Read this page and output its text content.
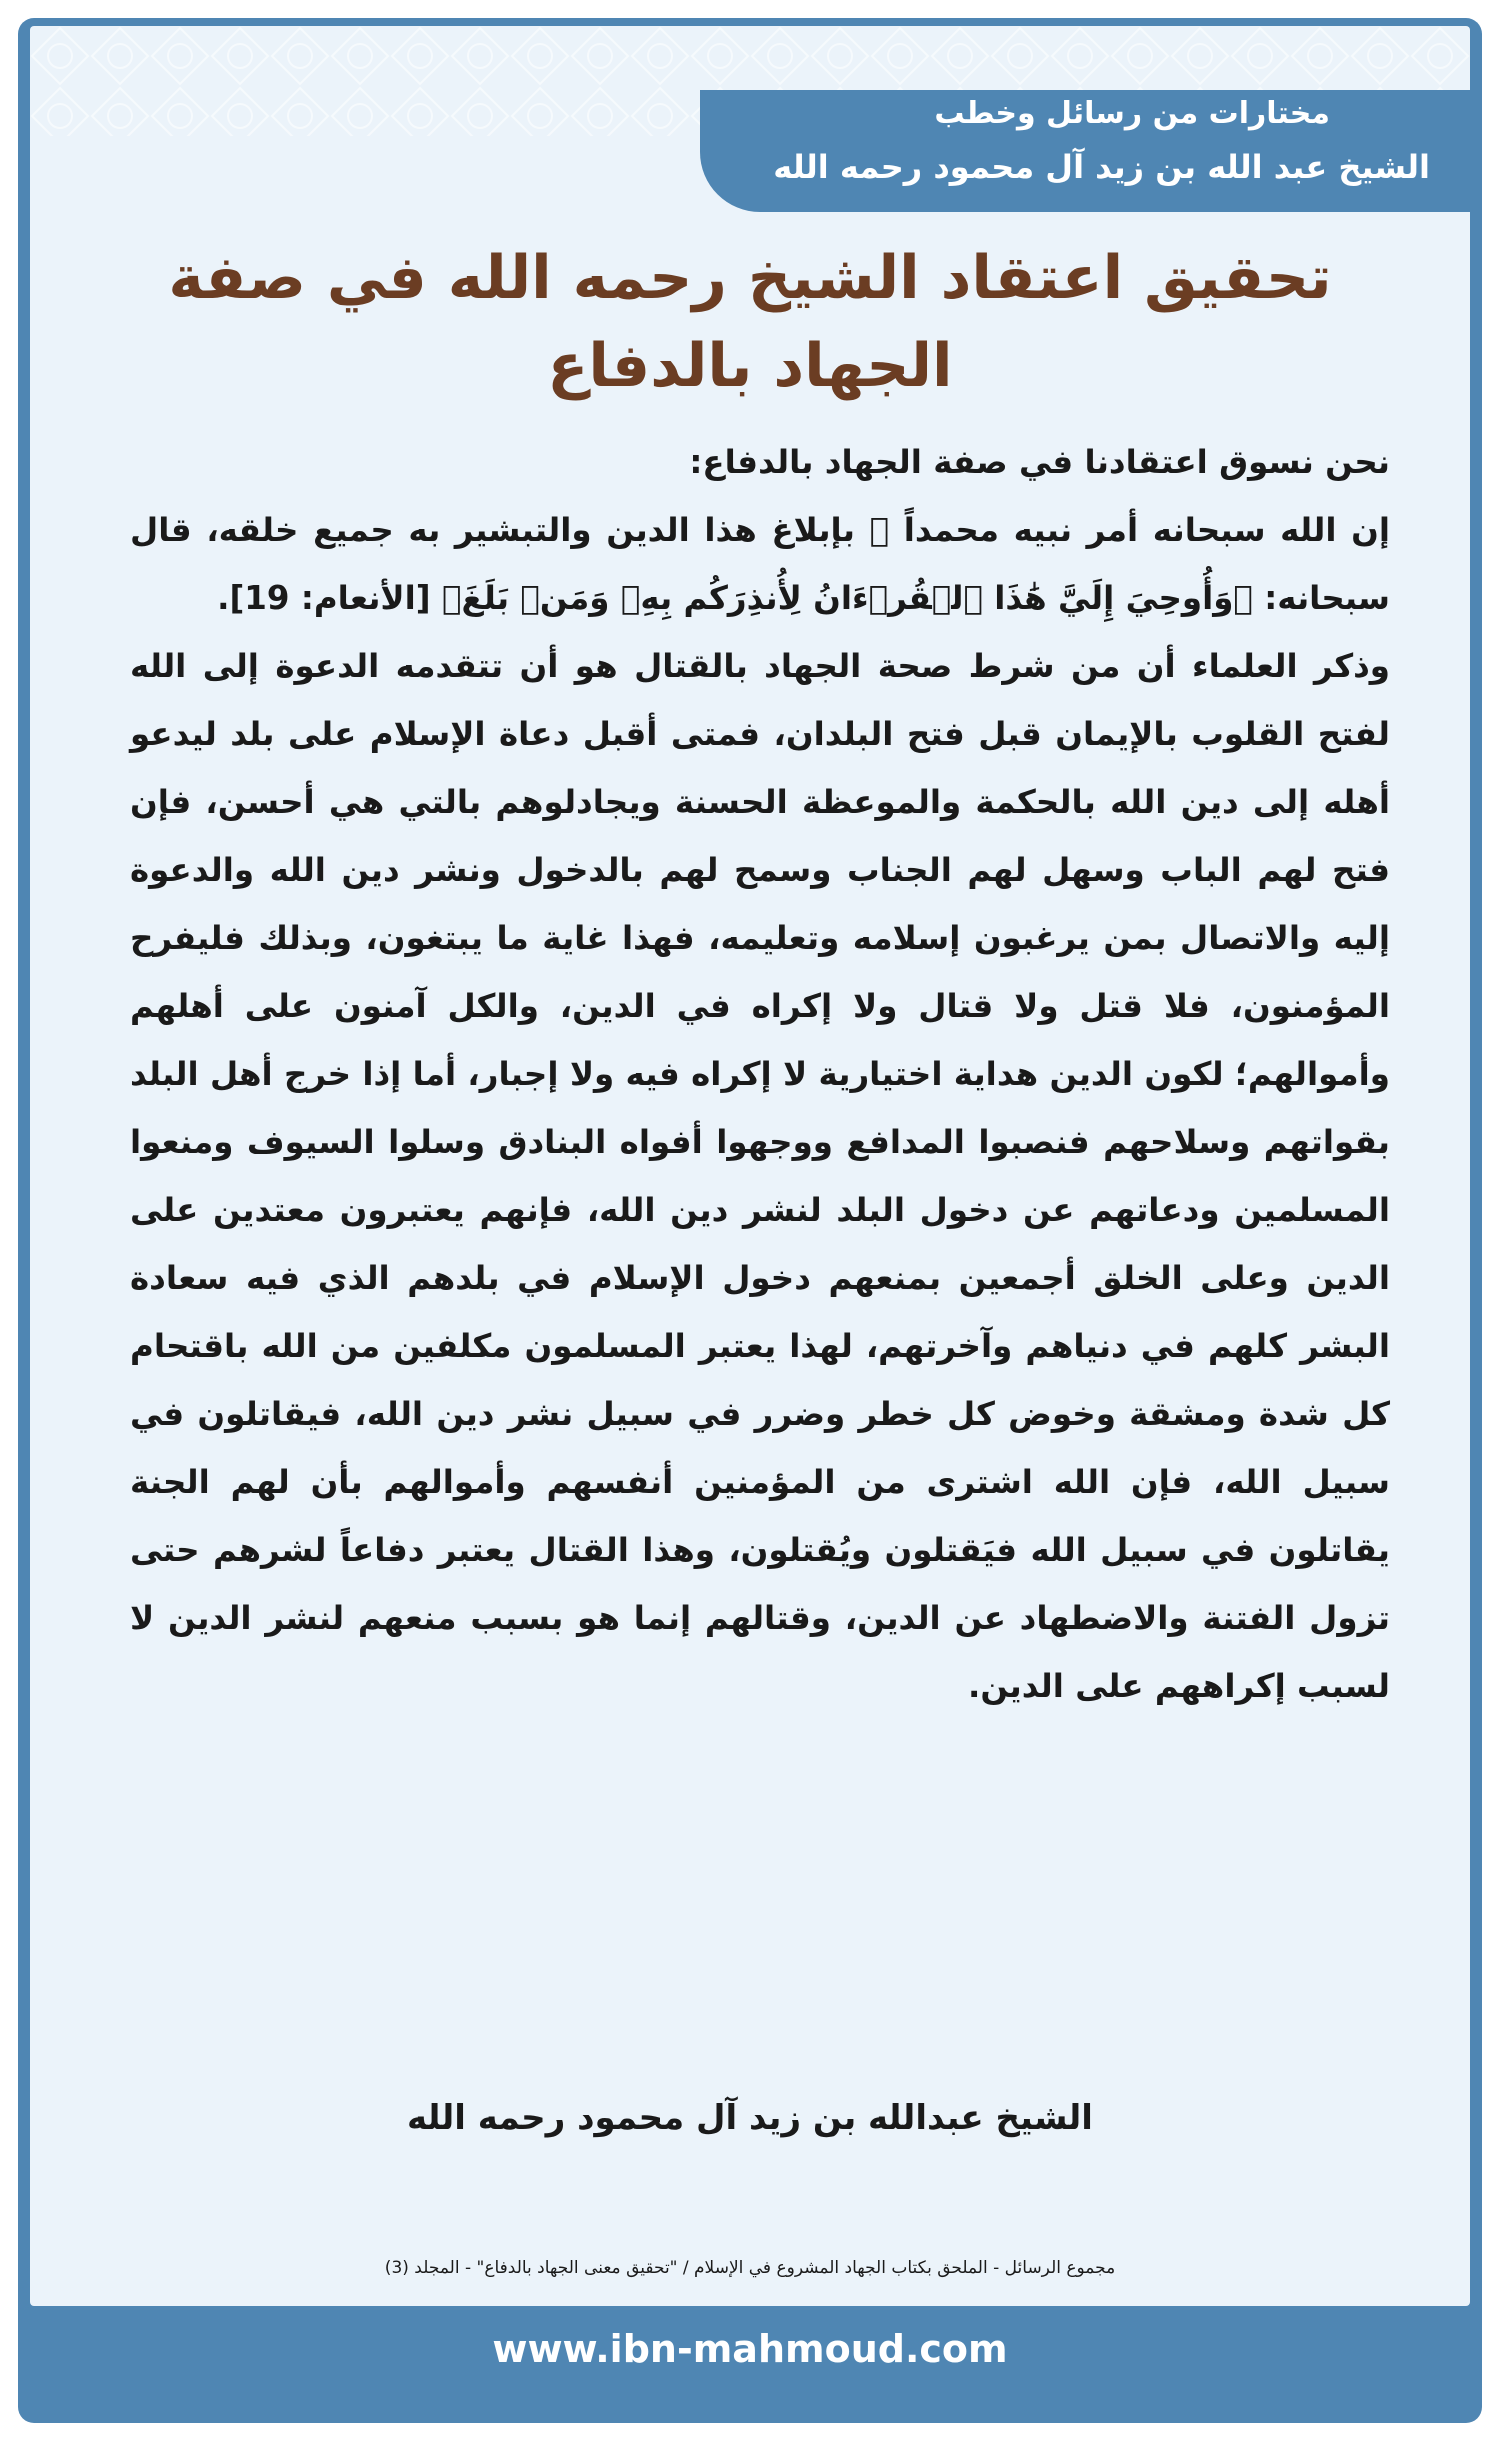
مختارات من رسائل وخطب
الشيخ عبد الله بن زيد آل محمود رحمه الله
تحقيق اعتقاد الشيخ رحمه الله في صفة الجهاد بالدفاع

نحن نسوق اعتقادنا في صفة الجهاد بالدفاع:

إن الله سبحانه أمر نبيه محمداً ﷺ بإبلاغ هذا الدين والتبشير به جميع خلقه، قال سبحانه: ﴿وَأُوحِيَ إِلَيَّ هَٰذَا ٱلۡقُرۡءَانُ لِأُنذِرَكُم بِهِۦ وَمَنۢ بَلَغَ﴾ [الأنعام: 19].

وذكر العلماء أن من شرط صحة الجهاد بالقتال هو أن تتقدمه الدعوة إلى الله لفتح القلوب بالإيمان قبل فتح البلدان، فمتى أقبل دعاة الإسلام على بلد ليدعو أهله إلى دين الله بالحكمة والموعظة الحسنة ويجادلوهم بالتي هي أحسن، فإن فتح لهم الباب وسهل لهم الجناب وسمح لهم بالدخول ونشر دين الله والدعوة إليه والاتصال بمن يرغبون إسلامه وتعليمه، فهذا غاية ما يبتغون، وبذلك فليفرح المؤمنون، فلا قتل ولا قتال ولا إكراه في الدين، والكل آمنون على أهلهم وأموالهم؛ لكون الدين هداية اختيارية لا إكراه فيه ولا إجبار، أما إذا خرج أهل البلد بقواتهم وسلاحهم فنصبوا المدافع ووجهوا أفواه البنادق وسلوا السيوف ومنعوا المسلمين ودعاتهم عن دخول البلد لنشر دين الله، فإنهم يعتبرون معتدين على الدين وعلى الخلق أجمعين بمنعهم دخول الإسلام في بلدهم الذي فيه سعادة البشر كلهم في دنياهم وآخرتهم، لهذا يعتبر المسلمون مكلفين من الله باقتحام كل شدة ومشقة وخوض كل خطر وضرر في سبيل نشر دين الله، فيقاتلون في سبيل الله، فإن الله اشترى من المؤمنين أنفسهم وأموالهم بأن لهم الجنة يقاتلون في سبيل الله فيَقتلون ويُقتلون، وهذا القتال يعتبر دفاعاً لشرهم حتى تزول الفتنة والاضطهاد عن الدين، وقتالهم إنما هو بسبب منعهم لنشر الدين لا لسبب إكراههم على الدين.

الشيخ عبدالله بن زيد آل محمود رحمه الله
مجموع الرسائل - الملحق بكتاب الجهاد المشروع في الإسلام / "تحقيق معنى الجهاد بالدفاع" - المجلد (3)
www.ibn-mahmoud.com
